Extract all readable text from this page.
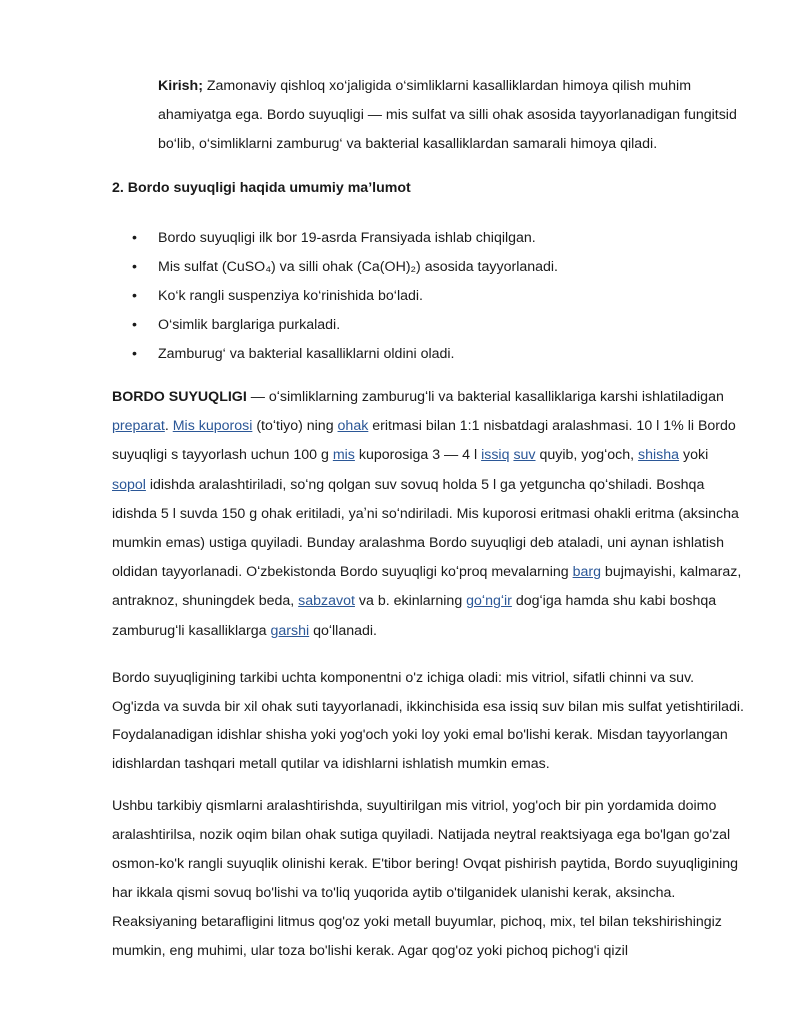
Kirish; Zamonaviy qishloq xo‘jaligida o‘simliklarni kasalliklardan himoya qilish muhim ahamiyatga ega. Bordo suyuqligi — mis sulfat va silli ohak asosida tayyorlanadigan fungitsid bo‘lib, o‘simliklarni zamburug‘ va bakterial kasalliklardan samarali himoya qiladi.

2. Bordo suyuqligi haqida umumiy ma’lumot
• Bordo suyuqligi ilk bor 19-asrda Fransiyada ishlab chiqilgan.
• Mis sulfat (CuSO₄) va silli ohak (Ca(OH)₂) asosida tayyorlanadi.
• Ko‘k rangli suspenziya ko‘rinishida bo‘ladi.
• O‘simlik barglariga purkaladi.
• Zamburug‘ va bakterial kasalliklarni oldini oladi.

BORDO SUYUQLIGI — oʻsimliklarning zamburugʻli va bakterial kasalliklariga karshi ishlatiladigan preparat. Mis kuporosi (toʻtiyo) ning ohak eritmasi bilan 1:1 nisbatdagi aralashmasi. 10 l 1% li Bordo suyuqligi s tayyorlash uchun 100 g mis kuporosiga 3 — 4 l issiq suv quyib, yogʻoch, shisha yoki sopol idishda aralashtiriladi, soʻng qolgan suv sovuq holda 5 l ga yetguncha qoʻshiladi. Boshqa idishda 5 l suvda 150 g ohak eritiladi, yaʼni soʻndiriladi. Mis kuporosi eritmasi ohakli eritma (aksincha mumkin emas) ustiga quyiladi. Bunday aralashma Bordo suyuqligi deb ataladi, uni aynan ishlatish oldidan tayyorlanadi. Oʻzbekistonda Bordo suyuqligi koʻproq mevalarning barg bujmayishi, kalmaraz, antraknoz, shuningdek beda, sabzavot va b. ekinlarning goʻngʻir dogʻiga hamda shu kabi boshqa zamburugʻli kasalliklarga garshi qoʻllanadi.

Bordo suyuqligining tarkibi uchta komponentni o'z ichiga oladi: mis vitriol, sifatli chinni va suv. Og'izda va suvda bir xil ohak suti tayyorlanadi, ikkinchisida esa issiq suv bilan mis sulfat yetishtiriladi. Foydalanadigan idishlar shisha yoki yog'och yoki loy yoki emal bo'lishi kerak. Misdan tayyorlangan idishlardan tashqari metall qutilar va idishlarni ishlatish mumkin emas.

Ushbu tarkibiy qismlarni aralashtirishda, suyultirilgan mis vitriol, yog'och bir pin yordamida doimo aralashtirilsa, nozik oqim bilan ohak sutiga quyiladi. Natijada neytral reaktsiyaga ega bo'lgan go'zal osmon-ko'k rangli suyuqlik olinishi kerak. E'tibor bering! Ovqat pishirish paytida, Bordo suyuqligining har ikkala qismi sovuq bo'lishi va to'liq yuqorida aytib o'tilganidek ulanishi kerak, aksincha. Reaksiyaning betarafligini litmus qog'oz yoki metall buyumlar, pichoq, mix, tel bilan tekshirishingiz mumkin, eng muhimi, ular toza bo'lishi kerak. Agar qog'oz yoki pichoq pichog'i qizil
